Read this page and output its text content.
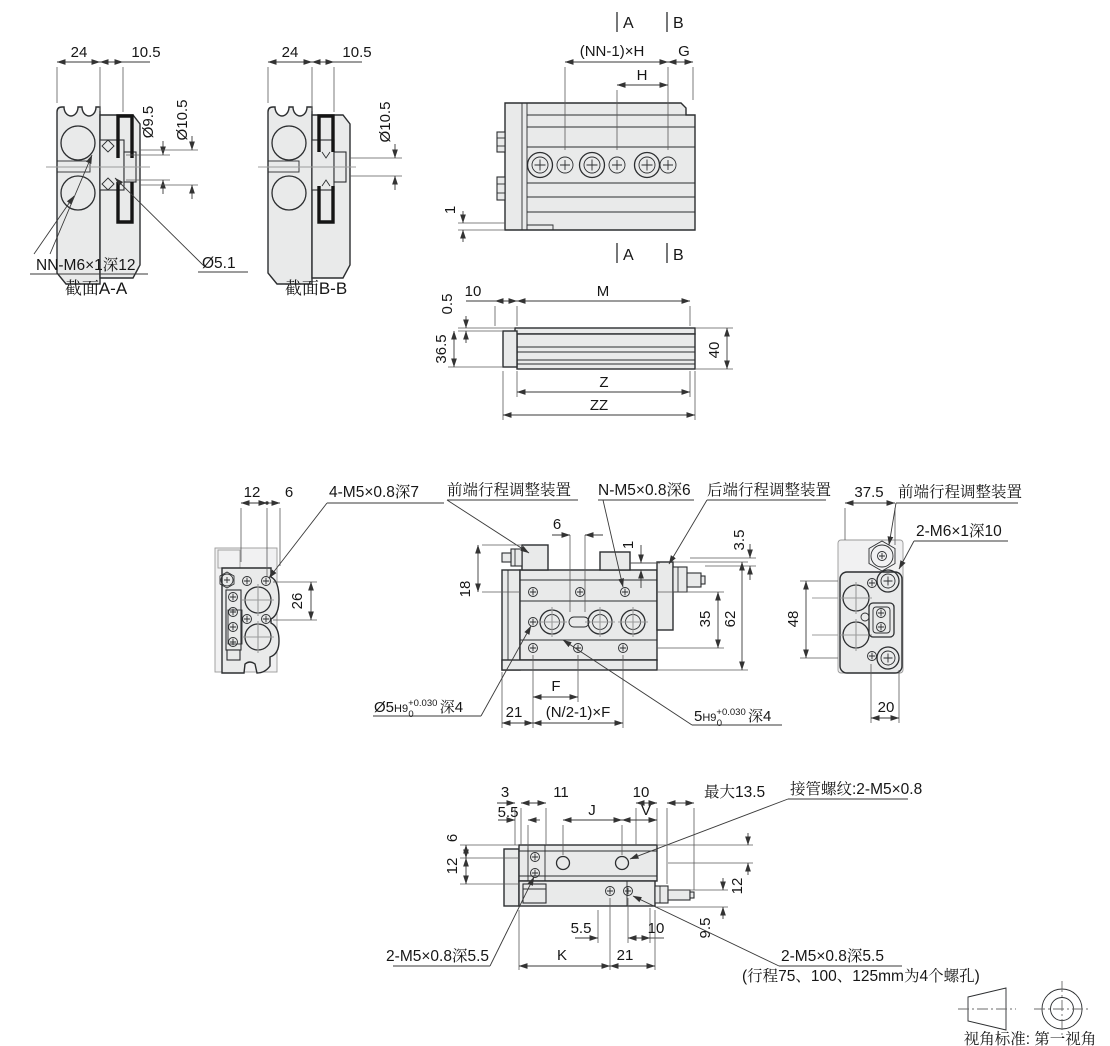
24	10.5
Ø9.5 Ø10.5
NN-M6×1深12	Ø5.1
截面A-A
24	10.5
Ø10.5
截面B-B
A B
A B
(NN-1)×H G
H
1
10	M
0.5
36.5	40
Z
ZZ
12 6 4-M5×0.8深7
26
前端行程调整装置 N-M5×0.8深6 后端行程调整装置
6
1	3.5
18
35 62
F
21 (N/2-1)×F
$Ø5H9^{+0.030}$ 0 深4
$5H9^{+0.030}$ 0 深4
37.5 前端行程调整装置
2-M6×1深10
48
20
3	11	10	最大13.5 接管螺纹:2-M5×0.8
5.5	J	V
6
12
12
9.5
5.5	10
K	21
2-M5×0.8深5.5	2-M5×0.8深5.5
(行程75、100、125mm为4个螺孔)
视角标准: 第一视角
